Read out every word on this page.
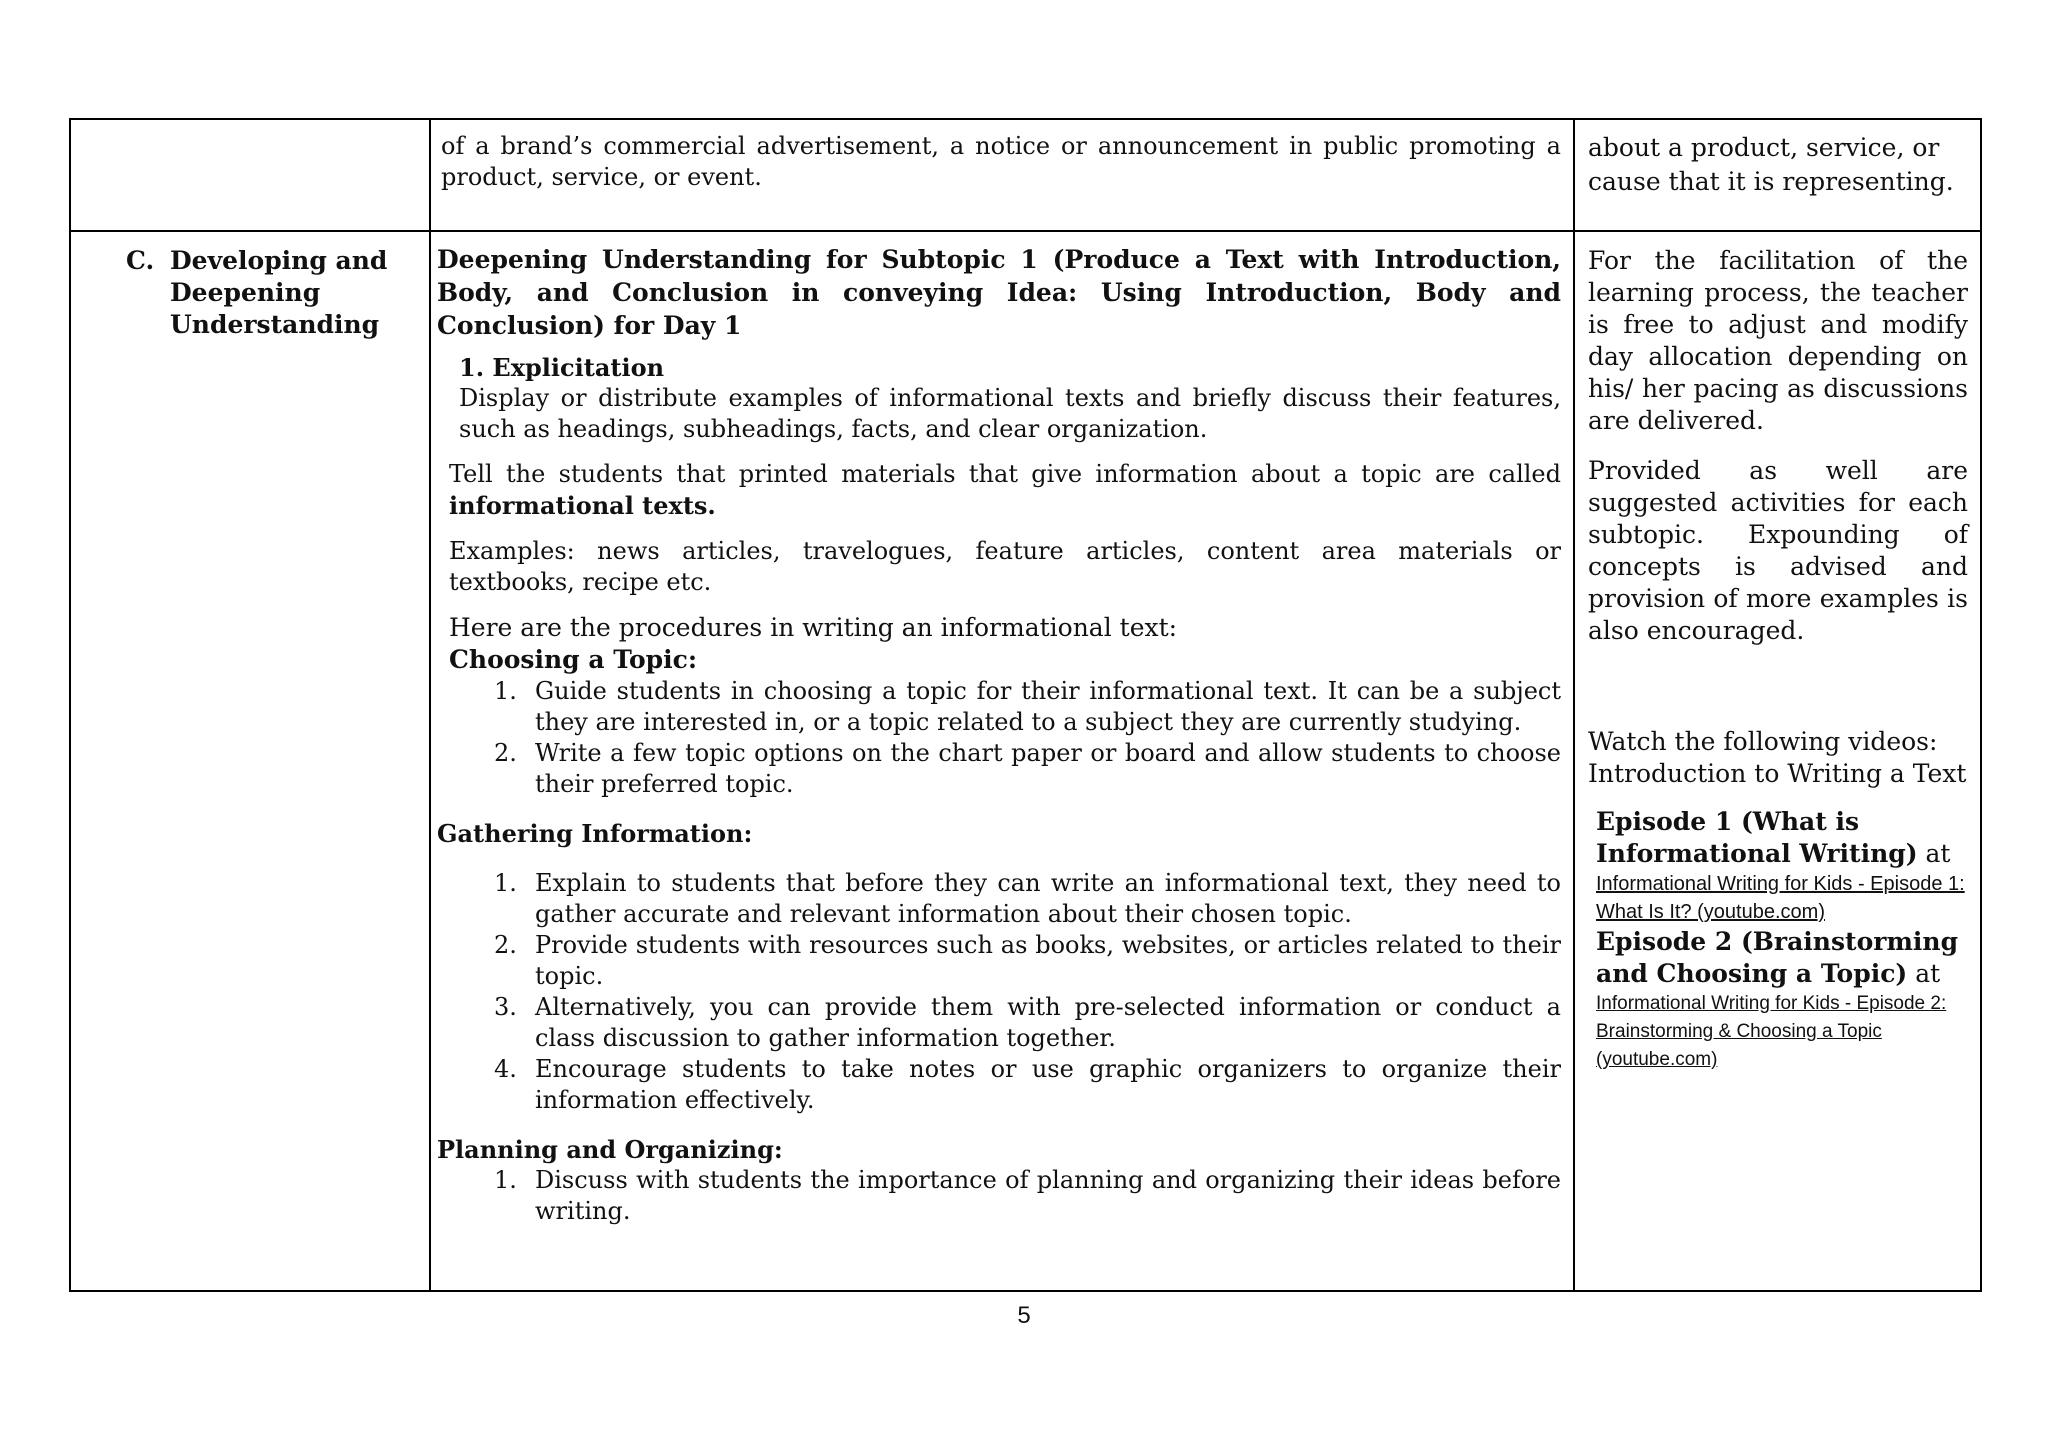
of a brand’s commercial advertisement, a notice or announcement in public promoting a product, service, or event.
about a product, service, or cause that it is representing.
C. Developing and Deepening Understanding

Deepening Understanding for Subtopic 1 (Produce a Text with Introduction, Body, and Conclusion in conveying Idea: Using Introduction, Body and Conclusion) for Day 1

1. Explicitation

Display or distribute examples of informational texts and briefly discuss their features, such as headings, subheadings, facts, and clear organization.

Tell the students that printed materials that give information about a topic are called informational texts.

Examples: news articles, travelogues, feature articles, content area materials or textbooks, recipe etc.

Here are the procedures in writing an informational text:

Choosing a Topic:

1. Guide students in choosing a topic for their informational text. It can be a subject they are interested in, or a topic related to a subject they are currently studying.
2. Write a few topic options on the chart paper or board and allow students to choose their preferred topic.

Gathering Information:

1. Explain to students that before they can write an informational text, they need to gather accurate and relevant information about their chosen topic.
2. Provide students with resources such as books, websites, or articles related to their topic.
3. Alternatively, you can provide them with pre-selected information or conduct a class discussion to gather information together.
4. Encourage students to take notes or use graphic organizers to organize their information effectively.

Planning and Organizing:

1. Discuss with students the importance of planning and organizing their ideas before writing.

For the facilitation of the learning process, the teacher is free to adjust and modify day allocation depending on his/ her pacing as discussions are delivered.

Provided as well are suggested activities for each subtopic. Expounding of concepts is advised and provision of more examples is also encouraged.

Watch the following videos:

Introduction to Writing a Text

Episode 1 (What is Informational Writing) at

Informational Writing for Kids - Episode 1: What Is It? (youtube.com)

Episode 2 (Brainstorming and Choosing a Topic) at

Informational Writing for Kids - Episode 2: Brainstorming & Choosing a Topic (youtube.com)

5
